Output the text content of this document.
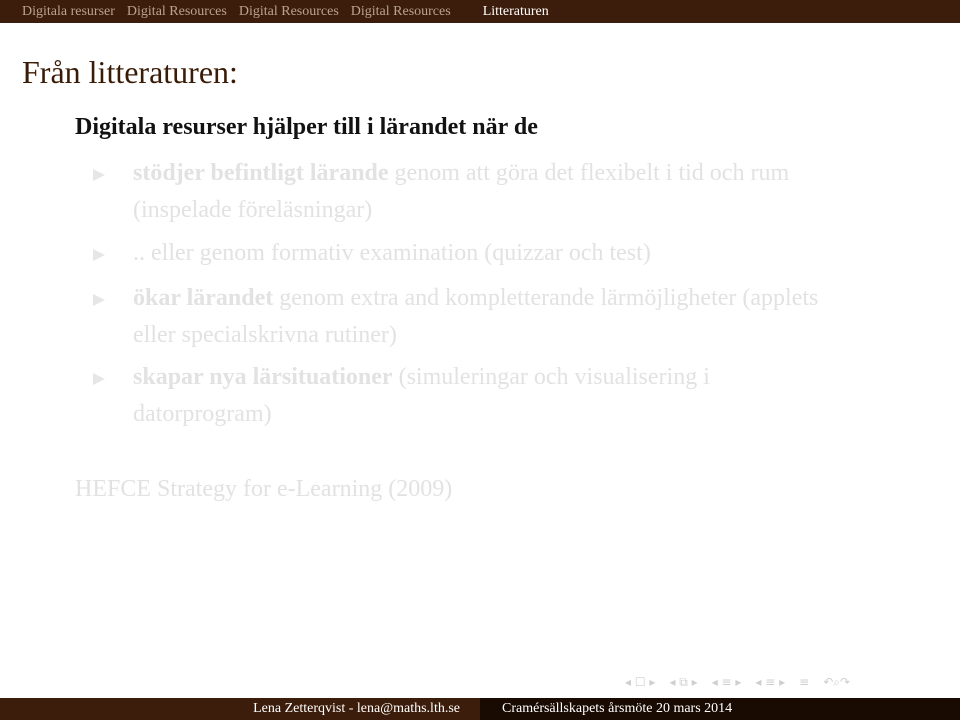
Digitala resurser Digital Resources Digital Resources Digital Resources	Litteraturen
Från litteraturen:
Digitala resurser hjälper till i lärandet när de
stödjer befintligt lärande genom att göra det flexibelt i tid och rum (inspelade föreläsningar)
.. eller genom formativ examination (quizzar och test)
ökar lärandet genom extra and kompletterande lärmöjligheter (applets eller specialskrivna rutiner)
skapar nya lärsituationer (simuleringar och visualisering i datorprogram)
HEFCE Strategy for e-Learning (2009)
◂ ☐ ▸ ◂ ⧉ ▸ ◂ ≡ ▸ ◂ ≡ ▸ ≡ ↶⌕↷
Lena Zetterqvist - lena@maths.lth.se	Cramérsällskapets årsmöte 20 mars 2014
